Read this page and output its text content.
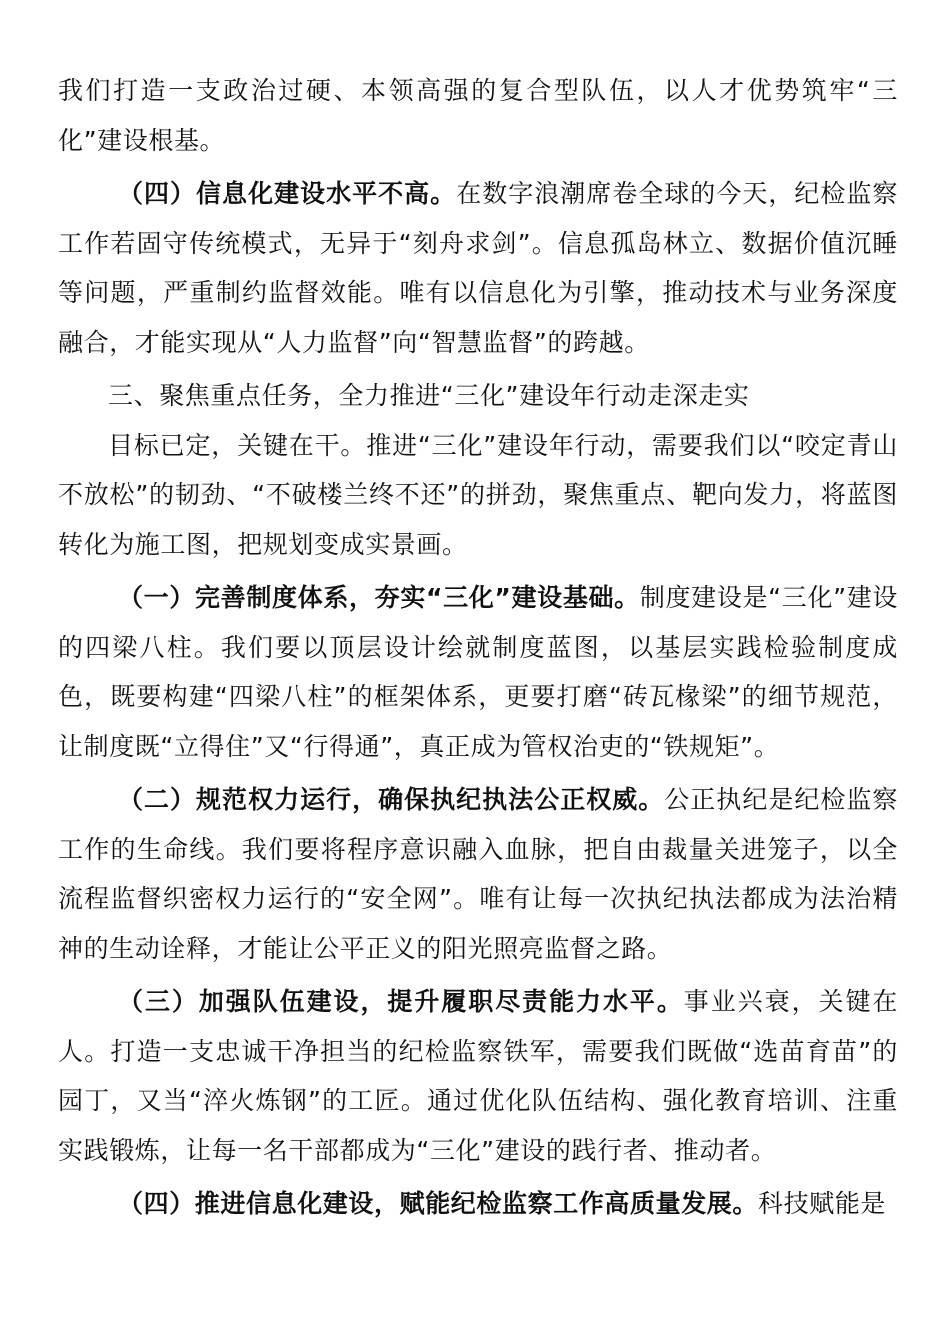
我们打造一支政治过硬、本领高强的复合型队伍，以人才优势筑牢“三化”建设根基。

（四）信息化建设水平不高。在数字浪潮席卷全球的今天，纪检监察工作若固守传统模式，无异于“刻舟求剑”。信息孤岛林立、数据价值沉睡等问题，严重制约监督效能。唯有以信息化为引擎，推动技术与业务深度融合，才能实现从“人力监督”向“智慧监督”的跨越。

三、聚焦重点任务，全力推进“三化”建设年行动走深走实

目标已定，关键在干。推进“三化”建设年行动，需要我们以“咬定青山不放松”的韧劲、“不破楼兰终不还”的拼劲，聚焦重点、靶向发力，将蓝图转化为施工图，把规划变成实景画。

（一）完善制度体系，夯实“三化”建设基础。制度建设是“三化”建设的四梁八柱。我们要以顶层设计绘就制度蓝图，以基层实践检验制度成色，既要构建“四梁八柱”的框架体系，更要打磨“砖瓦椽梁”的细节规范，让制度既“立得住”又“行得通”，真正成为管权治吏的“铁规矩”。

（二）规范权力运行，确保执纪执法公正权威。公正执纪是纪检监察工作的生命线。我们要将程序意识融入血脉，把自由裁量关进笼子，以全流程监督织密权力运行的“安全网”。唯有让每一次执纪执法都成为法治精神的生动诠释，才能让公平正义的阳光照亮监督之路。

（三）加强队伍建设，提升履职尽责能力水平。事业兴衰，关键在人。打造一支忠诚干净担当的纪检监察铁军，需要我们既做“选苗育苗”的园丁，又当“淬火炼钢”的工匠。通过优化队伍结构、强化教育培训、注重实践锻炼，让每一名干部都成为“三化”建设的践行者、推动者。

（四）推进信息化建设，赋能纪检监察工作高质量发展。科技赋能是
